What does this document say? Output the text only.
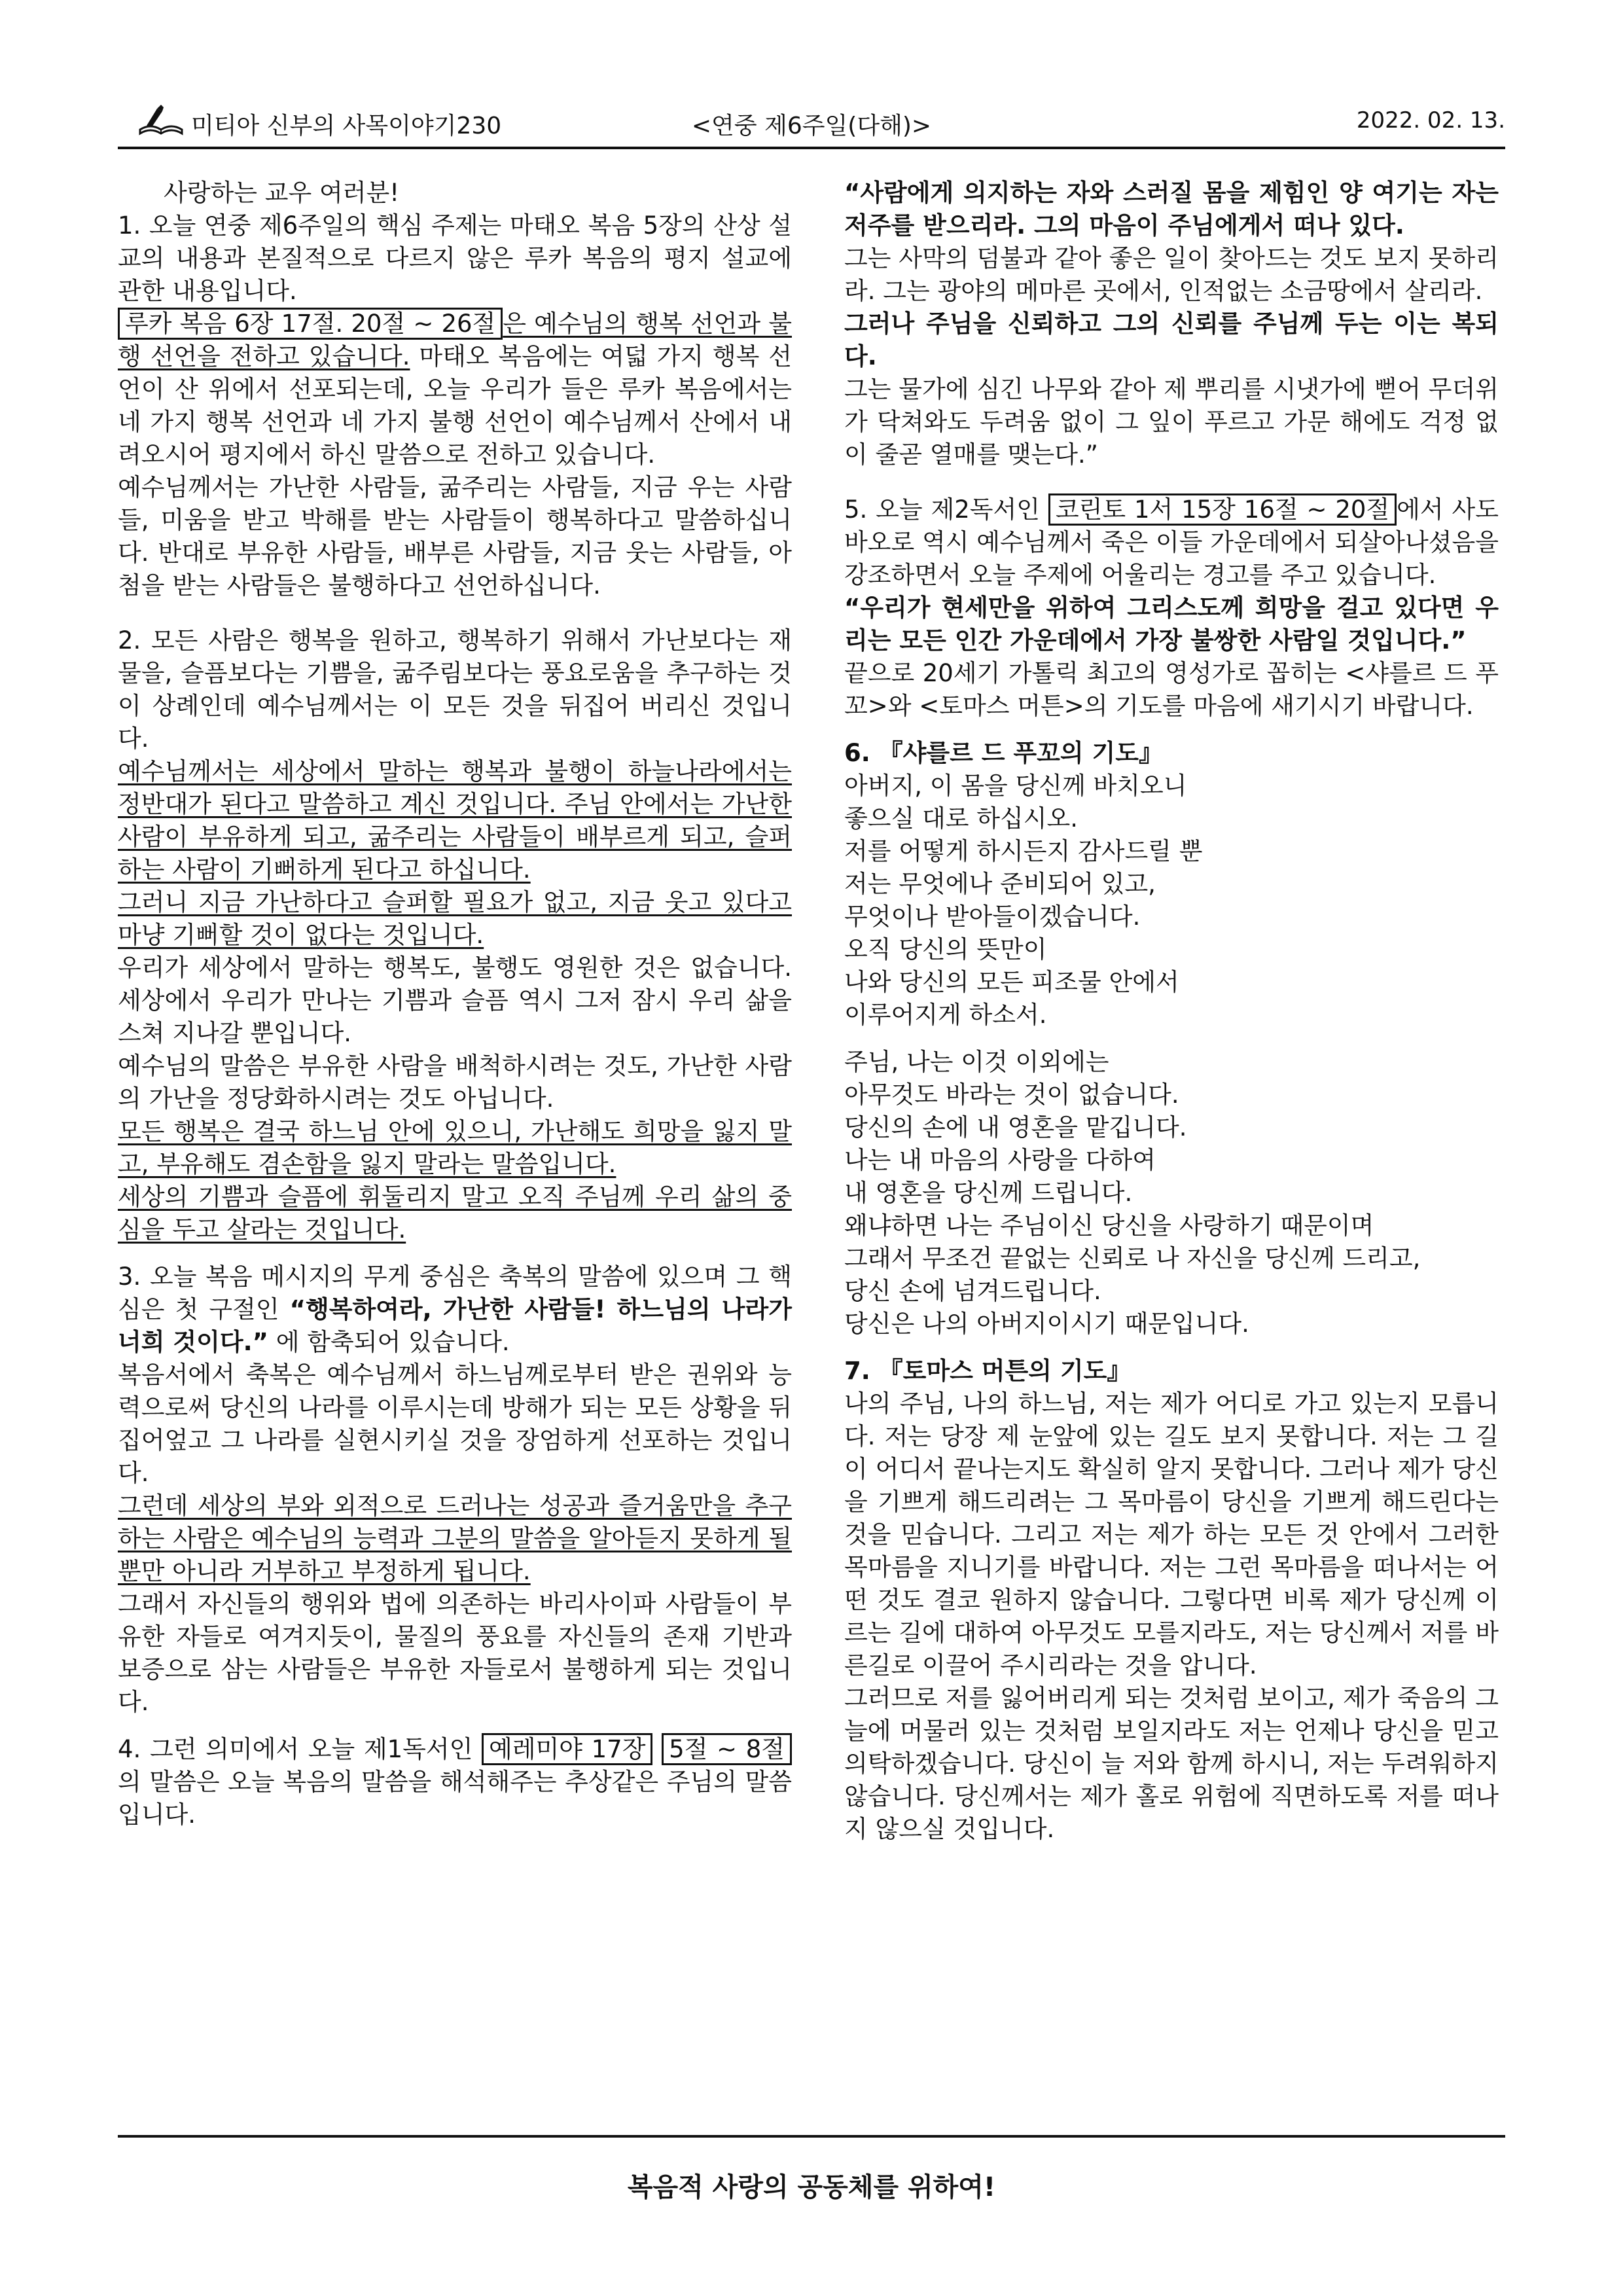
미티아 신부의 사목이야기230	<연중 제6주일(다해)>	2022. 02. 13.

사랑하는 교우 여러분!

1. 오늘 연중 제6주일의 핵심 주제는 마태오 복음 5장의 산상 설교의 내용과 본질적으로 다르지 않은 루카 복음의 평지 설교에 관한 내용입니다.

루카 복음 6장 17절. 20절 ~ 26절 은 예수님의 행복 선언과 불행 선언을 전하고 있습니다. 마태오 복음에는 여덟 가지 행복 선언이 산 위에서 선포되는데, 오늘 우리가 들은 루카 복음에서는 네 가지 행복 선언과 네 가지 불행 선언이 예수님께서 산에서 내려오시어 평지에서 하신 말씀으로 전하고 있습니다.

예수님께서는 가난한 사람들, 굶주리는 사람들, 지금 우는 사람들, 미움을 받고 박해를 받는 사람들이 행복하다고 말씀하십니다. 반대로 부유한 사람들, 배부른 사람들, 지금 웃는 사람들, 아첨을 받는 사람들은 불행하다고 선언하십니다.

2. 모든 사람은 행복을 원하고, 행복하기 위해서 가난보다는 재물을, 슬픔보다는 기쁨을, 굶주림보다는 풍요로움을 추구하는 것이 상례인데 예수님께서는 이 모든 것을 뒤집어 버리신 것입니다.

예수님께서는 세상에서 말하는 행복과 불행이 하늘나라에서는 정반대가 된다고 말씀하고 계신 것입니다. 주님 안에서는 가난한 사람이 부유하게 되고, 굶주리는 사람들이 배부르게 되고, 슬퍼하는 사람이 기뻐하게 된다고 하십니다.

그러니 지금 가난하다고 슬퍼할 필요가 없고, 지금 웃고 있다고 마냥 기뻐할 것이 없다는 것입니다.

우리가 세상에서 말하는 행복도, 불행도 영원한 것은 없습니다. 세상에서 우리가 만나는 기쁨과 슬픔 역시 그저 잠시 우리 삶을 스쳐 지나갈 뿐입니다.

예수님의 말씀은 부유한 사람을 배척하시려는 것도, 가난한 사람의 가난을 정당화하시려는 것도 아닙니다.

모든 행복은 결국 하느님 안에 있으니, 가난해도 희망을 잃지 말고, 부유해도 겸손함을 잃지 말라는 말씀입니다.

세상의 기쁨과 슬픔에 휘둘리지 말고 오직 주님께 우리 삶의 중심을 두고 살라는 것입니다.

3. 오늘 복음 메시지의 무게 중심은 축복의 말씀에 있으며 그 핵심은 첫 구절인 “행복하여라, 가난한 사람들! 하느님의 나라가 너희 것이다.” 에 함축되어 있습니다.

복음서에서 축복은 예수님께서 하느님께로부터 받은 권위와 능력으로써 당신의 나라를 이루시는데 방해가 되는 모든 상황을 뒤집어엎고 그 나라를 실현시키실 것을 장엄하게 선포하는 것입니다.

그런데 세상의 부와 외적으로 드러나는 성공과 즐거움만을 추구하는 사람은 예수님의 능력과 그분의 말씀을 알아듣지 못하게 될 뿐만 아니라 거부하고 부정하게 됩니다.

그래서 자신들의 행위와 법에 의존하는 바리사이파 사람들이 부유한 자들로 여겨지듯이, 물질의 풍요를 자신들의 존재 기반과 보증으로 삼는 사람들은 부유한 자들로서 불행하게 되는 것입니다.

4. 그런 의미에서 오늘 제1독서인 예레미야 17장 5절 ~ 8절의 말씀은 오늘 복음의 말씀을 해석해주는 추상같은 주님의 말씀입니다.

“사람에게 의지하는 자와 스러질 몸을 제힘인 양 여기는 자는 저주를 받으리라. 그의 마음이 주님에게서 떠나 있다.

그는 사막의 덤불과 같아 좋은 일이 찾아드는 것도 보지 못하리라. 그는 광야의 메마른 곳에서, 인적없는 소금땅에서 살리라.

그러나 주님을 신뢰하고 그의 신뢰를 주님께 두는 이는 복되다.

그는 물가에 심긴 나무와 같아 제 뿌리를 시냇가에 뻗어 무더위가 닥쳐와도 두려움 없이 그 잎이 푸르고 가문 해에도 걱정 없이 줄곧 열매를 맺는다.”

5. 오늘 제2독서인 코린토 1서 15장 16절 ~ 20절 에서 사도 바오로 역시 예수님께서 죽은 이들 가운데에서 되살아나셨음을 강조하면서 오늘 주제에 어울리는 경고를 주고 있습니다.

“우리가 현세만을 위하여 그리스도께 희망을 걸고 있다면 우리는 모든 인간 가운데에서 가장 불쌍한 사람일 것입니다.”

끝으로 20세기 가톨릭 최고의 영성가로 꼽히는 <샤를르 드 푸꼬>와 <토마스 머튼>의 기도를 마음에 새기시기 바랍니다.

6. 『샤를르 드 푸꼬의 기도』

아버지, 이 몸을 당신께 바치오니

좋으실 대로 하십시오.

저를 어떻게 하시든지 감사드릴 뿐

저는 무엇에나 준비되어 있고,

무엇이나 받아들이겠습니다.

오직 당신의 뜻만이

나와 당신의 모든 피조물 안에서

이루어지게 하소서.

주님, 나는 이것 이외에는

아무것도 바라는 것이 없습니다.

당신의 손에 내 영혼을 맡깁니다.

나는 내 마음의 사랑을 다하여

내 영혼을 당신께 드립니다.

왜냐하면 나는 주님이신 당신을 사랑하기 때문이며

그래서 무조건 끝없는 신뢰로 나 자신을 당신께 드리고,

당신 손에 넘겨드립니다.

당신은 나의 아버지이시기 때문입니다.

7. 『토마스 머튼의 기도』

나의 주님, 나의 하느님, 저는 제가 어디로 가고 있는지 모릅니다. 저는 당장 제 눈앞에 있는 길도 보지 못합니다. 저는 그 길이 어디서 끝나는지도 확실히 알지 못합니다. 그러나 제가 당신을 기쁘게 해드리려는 그 목마름이 당신을 기쁘게 해드린다는 것을 믿습니다. 그리고 저는 제가 하는 모든 것 안에서 그러한 목마름을 지니기를 바랍니다. 저는 그런 목마름을 떠나서는 어떤 것도 결코 원하지 않습니다. 그렇다면 비록 제가 당신께 이르는 길에 대하여 아무것도 모를지라도, 저는 당신께서 저를 바른길로 이끌어 주시리라는 것을 압니다.

그러므로 저를 잃어버리게 되는 것처럼 보이고, 제가 죽음의 그늘에 머물러 있는 것처럼 보일지라도 저는 언제나 당신을 믿고 의탁하겠습니다. 당신이 늘 저와 함께 하시니, 저는 두려워하지 않습니다. 당신께서는 제가 홀로 위험에 직면하도록 저를 떠나지 않으실 것입니다.

복음적 사랑의 공동체를 위하여!
